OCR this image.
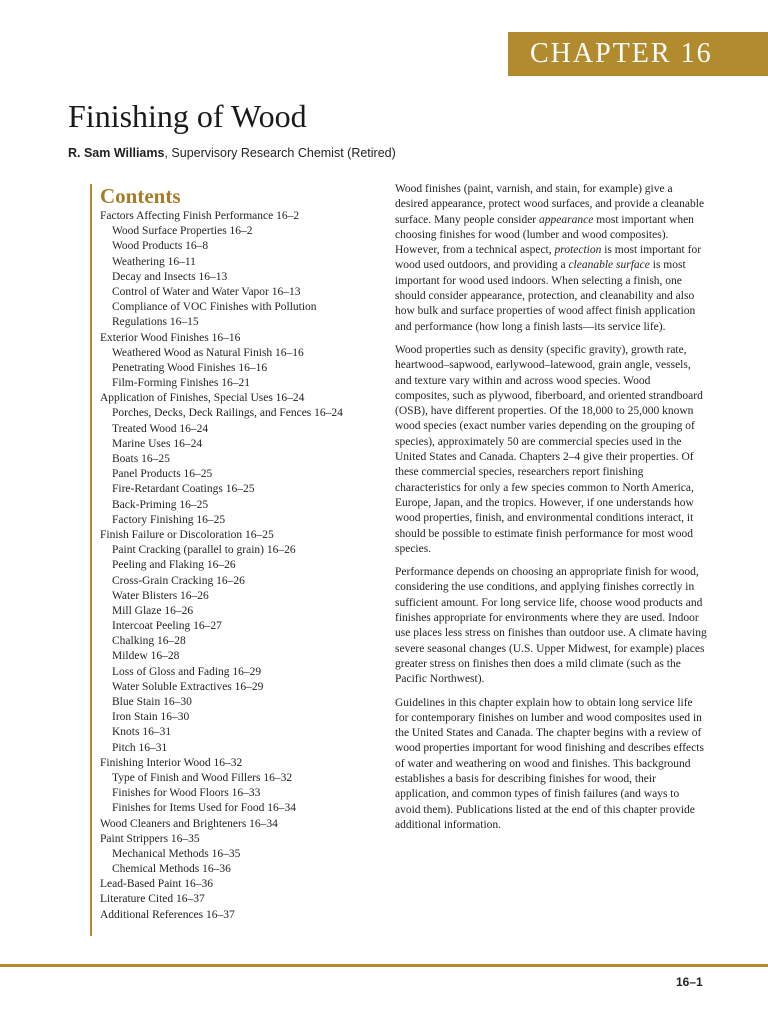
CHAPTER 16
Finishing of Wood
R. Sam Williams, Supervisory Research Chemist (Retired)
Contents
Factors Affecting Finish Performance 16–2
Wood Surface Properties 16–2
Wood Products 16–8
Weathering 16–11
Decay and Insects 16–13
Control of Water and Water Vapor 16–13
Compliance of VOC Finishes with Pollution
Regulations 16–15
Exterior Wood Finishes 16–16
Weathered Wood as Natural Finish 16–16
Penetrating Wood Finishes 16–16
Film-Forming Finishes 16–21
Application of Finishes, Special Uses 16–24
Porches, Decks, Deck Railings, and Fences 16–24
Treated Wood 16–24
Marine Uses 16–24
Boats 16–25
Panel Products 16–25
Fire-Retardant Coatings 16–25
Back-Priming 16–25
Factory Finishing 16–25
Finish Failure or Discoloration 16–25
Paint Cracking (parallel to grain) 16–26
Peeling and Flaking 16–26
Cross-Grain Cracking 16–26
Water Blisters 16–26
Mill Glaze 16–26
Intercoat Peeling 16–27
Chalking 16–28
Mildew 16–28
Loss of Gloss and Fading 16–29
Water Soluble Extractives 16–29
Blue Stain 16–30
Iron Stain 16–30
Knots 16–31
Pitch 16–31
Finishing Interior Wood 16–32
Type of Finish and Wood Fillers 16–32
Finishes for Wood Floors 16–33
Finishes for Items Used for Food 16–34
Wood Cleaners and Brighteners 16–34
Paint Strippers 16–35
Mechanical Methods 16–35
Chemical Methods 16–36
Lead-Based Paint 16–36
Literature Cited 16–37
Additional References 16–37

Wood finishes (paint, varnish, and stain, for example) give a desired appearance, protect wood surfaces, and provide a cleanable surface. Many people consider appearance most important when choosing finishes for wood (lumber and wood composites). However, from a technical aspect, protection is most important for wood used outdoors, and providing a cleanable surface is most important for wood used indoors. When selecting a finish, one should consider appearance, protection, and cleanability and also how bulk and surface properties of wood affect finish application and performance (how long a finish lasts—its service life).

Wood properties such as density (specific gravity), growth rate, heartwood–sapwood, earlywood–latewood, grain angle, vessels, and texture vary within and across wood species. Wood composites, such as plywood, fiberboard, and oriented strandboard (OSB), have different properties. Of the 18,000 to 25,000 known wood species (exact number varies depending on the grouping of species), approximately 50 are commercial species used in the United States and Canada. Chapters 2–4 give their properties. Of these commercial species, researchers report finishing characteristics for only a few species common to North America, Europe, Japan, and the tropics. However, if one understands how wood properties, finish, and environmental conditions interact, it should be possible to estimate finish performance for most wood species.

Performance depends on choosing an appropriate finish for wood, considering the use conditions, and applying finishes correctly in sufficient amount. For long service life, choose wood products and finishes appropriate for environments where they are used. Indoor use places less stress on finishes than outdoor use. A climate having severe seasonal changes (U.S. Upper Midwest, for example) places greater stress on finishes then does a mild climate (such as the Pacific Northwest).

Guidelines in this chapter explain how to obtain long service life for contemporary finishes on lumber and wood composites used in the United States and Canada. The chapter begins with a review of wood properties important for wood finishing and describes effects of water and weathering on wood and finishes. This background establishes a basis for describing finishes for wood, their application, and common types of finish failures (and ways to avoid them). Publications listed at the end of this chapter provide additional information.

16–1
